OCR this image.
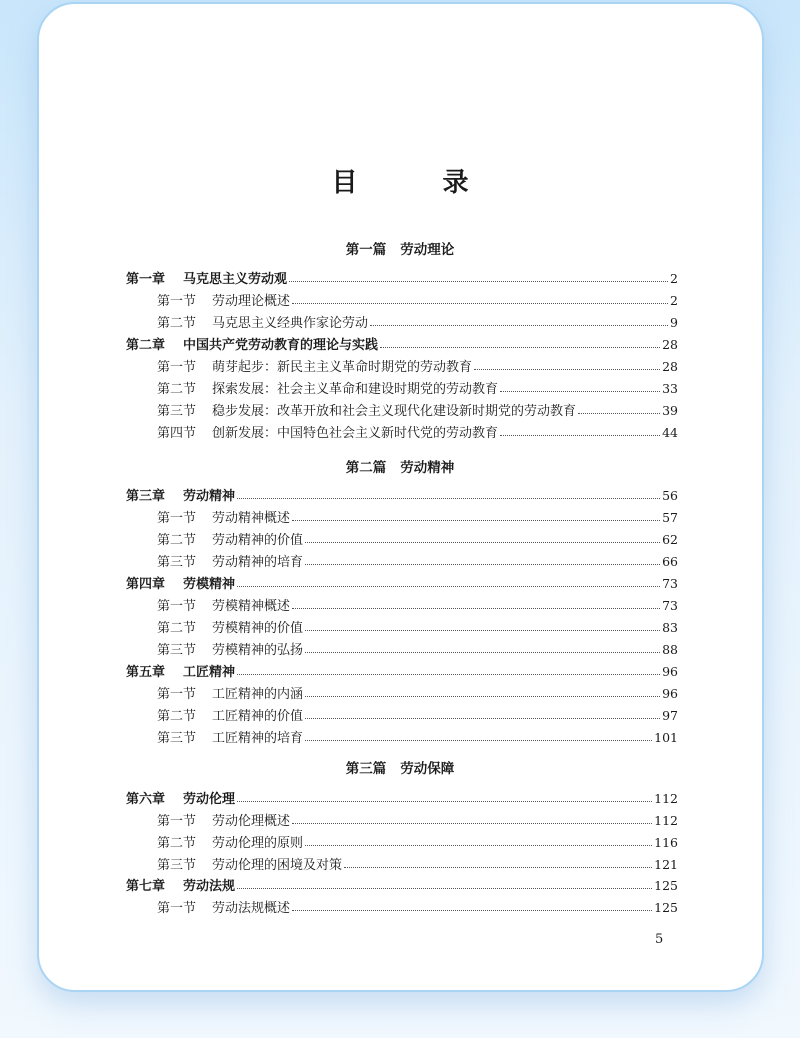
目 录
第一篇 劳动理论
第二篇 劳动精神
第三篇 劳动保障
第一章	马克思主义劳动观	2
第一节	劳动理论概述	2
第二节	马克思主义经典作家论劳动	9
第二章	中国共产党劳动教育的理论与实践	28
第一节	萌芽起步：新民主主义革命时期党的劳动教育	28
第二节	探索发展：社会主义革命和建设时期党的劳动教育	33
第三节	稳步发展：改革开放和社会主义现代化建设新时期党的劳动教育	39
第四节	创新发展：中国特色社会主义新时代党的劳动教育	44
第三章	劳动精神	56
第一节	劳动精神概述	57
第二节	劳动精神的价值	62
第三节	劳动精神的培育	66
第四章	劳模精神	73
第一节	劳模精神概述	73
第二节	劳模精神的价值	83
第三节	劳模精神的弘扬	88
第五章	工匠精神	96
第一节	工匠精神的内涵	96
第二节	工匠精神的价值	97
第三节	工匠精神的培育	101
第六章	劳动伦理	112
第一节	劳动伦理概述	112
第二节	劳动伦理的原则	116
第三节	劳动伦理的困境及对策	121
第七章	劳动法规	125
第一节	劳动法规概述	125
5
